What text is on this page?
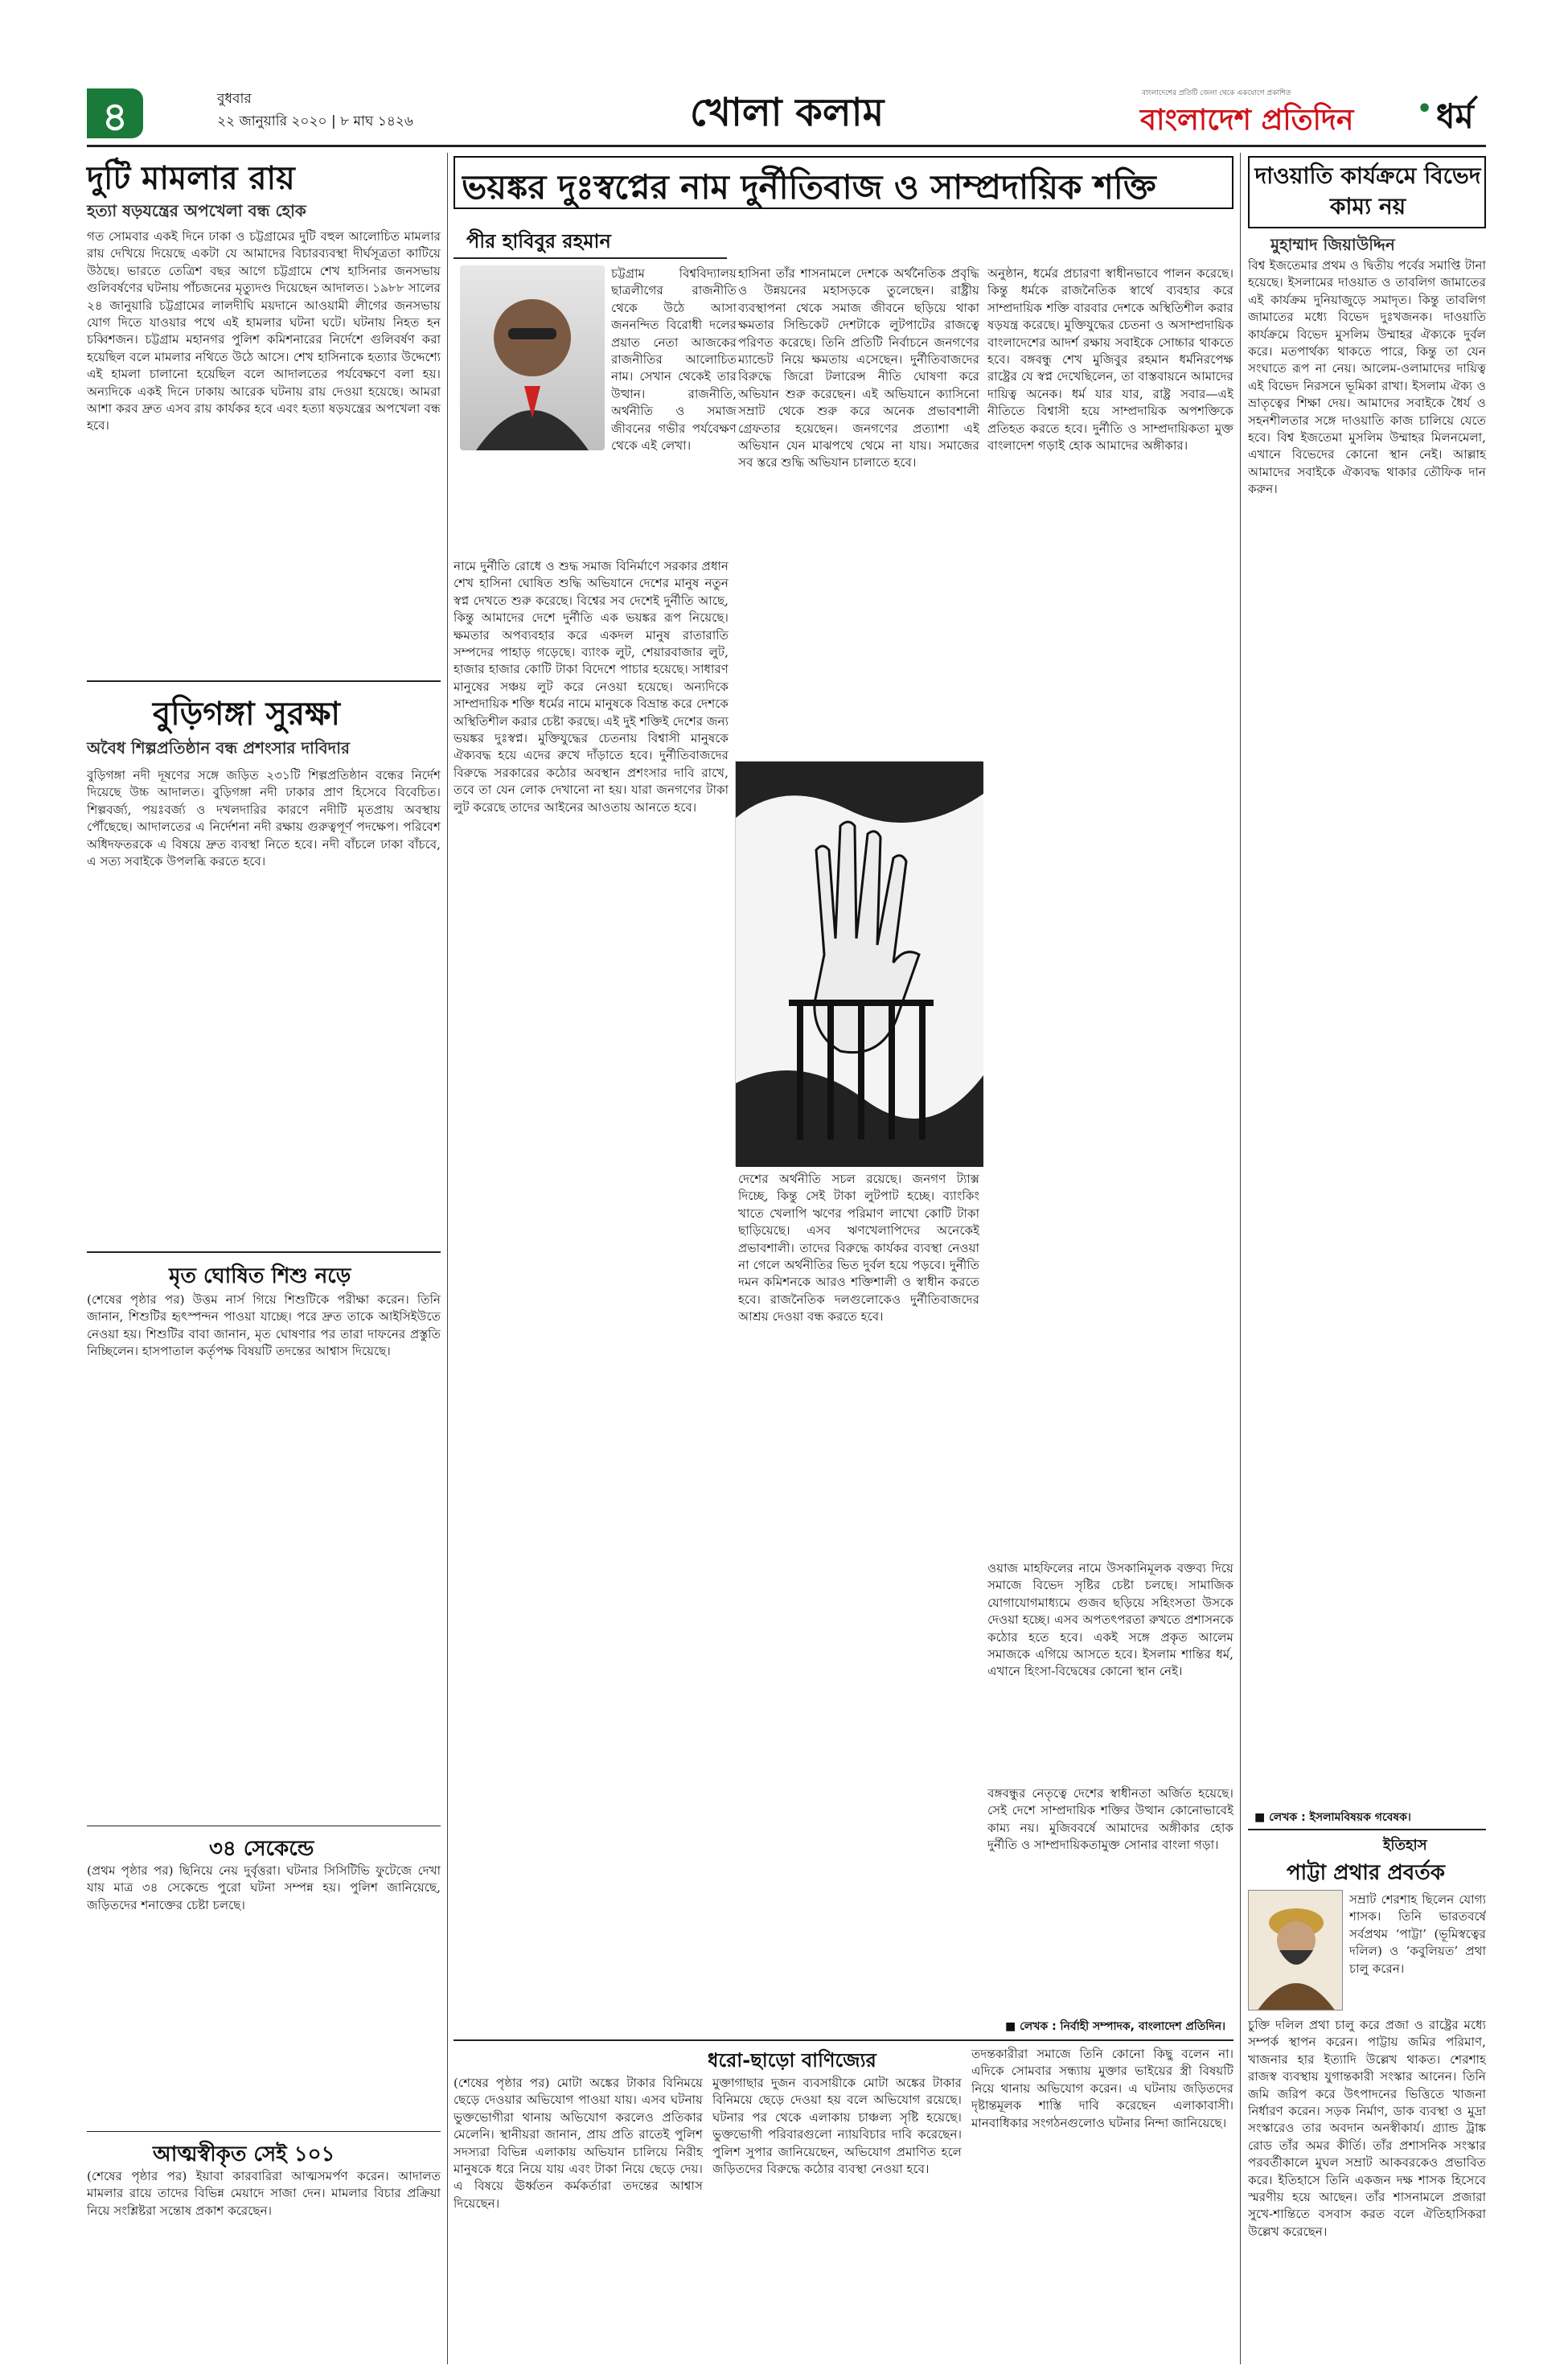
৪	বুধবার
২২ জানুয়ারি ২০২০ | ৮ মাঘ ১৪২৬	খোলা কলাম	বাংলাদেশের প্রতিটি জেলা থেকে একযোগে প্রকাশিত
বাংলাদেশ প্রতিদিন	• ধর্ম
দুটি মামলার রায়
হত্যা ষড়যন্ত্রের অপখেলা বন্ধ হোক
গত সোমবার একই দিনে ঢাকা ও চট্টগ্রামের দুটি বহুল আলোচিত মামলার রায় দেখিয়ে দিয়েছে একটা যে আমাদের বিচারব্যবস্থা দীর্ঘসূত্রতা কাটিয়ে উঠছে। ভারতে তেত্রিশ বছর আগে চট্টগ্রামে শেখ হাসিনার জনসভায় গুলিবর্ষণের ঘটনায় পাঁচজনের মৃত্যুদণ্ড দিয়েছেন আদালত। ১৯৮৮ সালের ২৪ জানুয়ারি চট্টগ্রামের লালদীঘি ময়দানে আওয়ামী লীগের জনসভায় যোগ দিতে যাওয়ার পথে এই হামলার ঘটনা ঘটে। ঘটনায় নিহত হন চব্বিশজন। চট্টগ্রাম মহানগর পুলিশ কমিশনারের নির্দেশে গুলিবর্ষণ করা হয়েছিল বলে মামলার নথিতে উঠে আসে। শেখ হাসিনাকে হত্যার উদ্দেশ্যে এই হামলা চালানো হয়েছিল বলে আদালতের পর্যবেক্ষণে বলা হয়। অন্যদিকে একই দিনে ঢাকায় আরেক ঘটনায় রায় দেওয়া হয়েছে। আমরা আশা করব দ্রুত এসব রায় কার্যকর হবে এবং হত্যা ষড়যন্ত্রের অপখেলা বন্ধ হবে।
বুড়িগঙ্গা সুরক্ষা
অবৈধ শিল্পপ্রতিষ্ঠান বন্ধ প্রশংসার দাবিদার
বুড়িগঙ্গা নদী দূষণের সঙ্গে জড়িত ২৩১টি শিল্পপ্রতিষ্ঠান বন্ধের নির্দেশ দিয়েছে উচ্চ আদালত। বুড়িগঙ্গা নদী ঢাকার প্রাণ হিসেবে বিবেচিত। শিল্পবর্জ্য, পয়ঃবর্জ্য ও দখলদারির কারণে নদীটি মৃতপ্রায় অবস্থায় পৌঁছেছে। আদালতের এ নির্দেশনা নদী রক্ষায় গুরুত্বপূর্ণ পদক্ষেপ। পরিবেশ অধিদফতরকে এ বিষয়ে দ্রুত ব্যবস্থা নিতে হবে। নদী বাঁচলে ঢাকা বাঁচবে, এ সত্য সবাইকে উপলব্ধি করতে হবে।
মৃত ঘোষিত শিশু নড়ে
(শেষের পৃষ্ঠার পর) উত্তম নার্স গিয়ে শিশুটিকে পরীক্ষা করেন। তিনি জানান, শিশুটির হৃৎস্পন্দন পাওয়া যাচ্ছে। পরে দ্রুত তাকে আইসিইউতে নেওয়া হয়। শিশুটির বাবা জানান, মৃত ঘোষণার পর তারা দাফনের প্রস্তুতি নিচ্ছিলেন। হাসপাতাল কর্তৃপক্ষ বিষয়টি তদন্তের আশ্বাস দিয়েছে।
৩৪ সেকেন্ডে
(প্রথম পৃষ্ঠার পর) ছিনিয়ে নেয় দুর্বৃত্তরা। ঘটনার সিসিটিভি ফুটেজে দেখা যায় মাত্র ৩৪ সেকেন্ডে পুরো ঘটনা সম্পন্ন হয়। পুলিশ জানিয়েছে, জড়িতদের শনাক্তের চেষ্টা চলছে।
আত্মস্বীকৃত সেই ১০১
(শেষের পৃষ্ঠার পর) ইয়াবা কারবারিরা আত্মসমর্পণ করেন। আদালত মামলার রায়ে তাদের বিভিন্ন মেয়াদে সাজা দেন। মামলার বিচার প্রক্রিয়া নিয়ে সংশ্লিষ্টরা সন্তোষ প্রকাশ করেছেন।
ভয়ঙ্কর দুঃস্বপ্নের নাম দুর্নীতিবাজ ও সাম্প্রদায়িক শক্তি
পীর হাবিবুর রহমান
চট্টগ্রাম বিশ্ববিদ্যালয় ছাত্রলীগের রাজনীতি থেকে উঠে আসা জননন্দিত বিরোধী দলের প্রয়াত নেতা আজকের রাজনীতির আলোচিত নাম। সেখান থেকেই তার উত্থান। রাজনীতি, অর্থনীতি ও সমাজ জীবনের গভীর পর্যবেক্ষণ থেকে এই লেখা।
নামে দুর্নীতি রোধে ও শুদ্ধ সমাজ বিনির্মাণে সরকার প্রধান শেখ হাসিনা ঘোষিত শুদ্ধি অভিযানে দেশের মানুষ নতুন স্বপ্ন দেখতে শুরু করেছে। বিশ্বের সব দেশেই দুর্নীতি আছে, কিন্তু আমাদের দেশে দুর্নীতি এক ভয়ঙ্কর রূপ নিয়েছে। ক্ষমতার অপব্যবহার করে একদল মানুষ রাতারাতি সম্পদের পাহাড় গড়েছে। ব্যাংক লুট, শেয়ারবাজার লুট, হাজার হাজার কোটি টাকা বিদেশে পাচার হয়েছে। সাধারণ মানুষের সঞ্চয় লুট করে নেওয়া হয়েছে। অন্যদিকে সাম্প্রদায়িক শক্তি ধর্মের নামে মানুষকে বিভ্রান্ত করে দেশকে অস্থিতিশীল করার চেষ্টা করছে। এই দুই শক্তিই দেশের জন্য ভয়ঙ্কর দুঃস্বপ্ন। মুক্তিযুদ্ধের চেতনায় বিশ্বাসী মানুষকে ঐক্যবদ্ধ হয়ে এদের রুখে দাঁড়াতে হবে। দুর্নীতিবাজদের বিরুদ্ধে সরকারের কঠোর অবস্থান প্রশংসার দাবি রাখে, তবে তা যেন লোক দেখানো না হয়। যারা জনগণের টাকা লুট করেছে তাদের আইনের আওতায় আনতে হবে।
হাসিনা তাঁর শাসনামলে দেশকে অর্থনৈতিক প্রবৃদ্ধি ও উন্নয়নের মহাসড়কে তুলেছেন। রাষ্ট্রীয় ব্যবস্থাপনা থেকে সমাজ জীবনে ছড়িয়ে থাকা ক্ষমতার সিন্ডিকেট দেশটাকে লুটপাটের রাজত্বে পরিণত করেছে। তিনি প্রতিটি নির্বাচনে জনগণের ম্যান্ডেট নিয়ে ক্ষমতায় এসেছেন। দুর্নীতিবাজদের বিরুদ্ধে জিরো টলারেন্স নীতি ঘোষণা করে অভিযান শুরু করেছেন। এই অভিযানে ক্যাসিনো সম্রাট থেকে শুরু করে অনেক প্রভাবশালী গ্রেফতার হয়েছেন। জনগণের প্রত্যাশা এই অভিযান যেন মাঝপথে থেমে না যায়। সমাজের সব স্তরে শুদ্ধি অভিযান চালাতে হবে।
অনুষ্ঠান, ধর্মের প্রচারণা স্বাধীনভাবে পালন করেছে। কিন্তু ধর্মকে রাজনৈতিক স্বার্থে ব্যবহার করে সাম্প্রদায়িক শক্তি বারবার দেশকে অস্থিতিশীল করার ষড়যন্ত্র করেছে। মুক্তিযুদ্ধের চেতনা ও অসাম্প্রদায়িক বাংলাদেশের আদর্শ রক্ষায় সবাইকে সোচ্চার থাকতে হবে। বঙ্গবন্ধু শেখ মুজিবুর রহমান ধর্মনিরপেক্ষ রাষ্ট্রের যে স্বপ্ন দেখেছিলেন, তা বাস্তবায়নে আমাদের দায়িত্ব অনেক। ধর্ম যার যার, রাষ্ট্র সবার—এই নীতিতে বিশ্বাসী হয়ে সাম্প্রদায়িক অপশক্তিকে প্রতিহত করতে হবে। দুর্নীতি ও সাম্প্রদায়িকতা মুক্ত বাংলাদেশ গড়াই হোক আমাদের অঙ্গীকার।
দেশের অর্থনীতি সচল রয়েছে। জনগণ ট্যাক্স দিচ্ছে, কিন্তু সেই টাকা লুটপাট হচ্ছে। ব্যাংকিং খাতে খেলাপি ঋণের পরিমাণ লাখো কোটি টাকা ছাড়িয়েছে। এসব ঋণখেলাপিদের অনেকেই প্রভাবশালী। তাদের বিরুদ্ধে কার্যকর ব্যবস্থা নেওয়া না গেলে অর্থনীতির ভিত দুর্বল হয়ে পড়বে। দুর্নীতি দমন কমিশনকে আরও শক্তিশালী ও স্বাধীন করতে হবে। রাজনৈতিক দলগুলোকেও দুর্নীতিবাজদের আশ্রয় দেওয়া বন্ধ করতে হবে।
ওয়াজ মাহফিলের নামে উসকানিমূলক বক্তব্য দিয়ে সমাজে বিভেদ সৃষ্টির চেষ্টা চলছে। সামাজিক যোগাযোগমাধ্যমে গুজব ছড়িয়ে সহিংসতা উসকে দেওয়া হচ্ছে। এসব অপতৎপরতা রুখতে প্রশাসনকে কঠোর হতে হবে। একই সঙ্গে প্রকৃত আলেম সমাজকে এগিয়ে আসতে হবে। ইসলাম শান্তির ধর্ম, এখানে হিংসা-বিদ্বেষের কোনো স্থান নেই।
বঙ্গবন্ধুর নেতৃত্বে দেশের স্বাধীনতা অর্জিত হয়েছে। সেই দেশে সাম্প্রদায়িক শক্তির উত্থান কোনোভাবেই কাম্য নয়। মুজিববর্ষে আমাদের অঙ্গীকার হোক দুর্নীতি ও সাম্প্রদায়িকতামুক্ত সোনার বাংলা গড়া।
■ লেখক : নির্বাহী সম্পাদক, বাংলাদেশ প্রতিদিন।
ধরো-ছাড়ো বাণিজ্যের
(শেষের পৃষ্ঠার পর) মোটা অঙ্কের টাকার বিনিময়ে ছেড়ে দেওয়ার অভিযোগ পাওয়া যায়। এসব ঘটনায় ভুক্তভোগীরা থানায় অভিযোগ করলেও প্রতিকার মেলেনি। স্থানীয়রা জানান, প্রায় প্রতি রাতেই পুলিশ সদস্যরা বিভিন্ন এলাকায় অভিযান চালিয়ে নিরীহ মানুষকে ধরে নিয়ে যায় এবং টাকা নিয়ে ছেড়ে দেয়। এ বিষয়ে ঊর্ধ্বতন কর্মকর্তারা তদন্তের আশ্বাস দিয়েছেন।
মুক্তাগাছার দুজন ব্যবসায়ীকে মোটা অঙ্কের টাকার বিনিময়ে ছেড়ে দেওয়া হয় বলে অভিযোগ রয়েছে। ঘটনার পর থেকে এলাকায় চাঞ্চল্য সৃষ্টি হয়েছে। ভুক্তভোগী পরিবারগুলো ন্যায়বিচার দাবি করেছেন। পুলিশ সুপার জানিয়েছেন, অভিযোগ প্রমাণিত হলে জড়িতদের বিরুদ্ধে কঠোর ব্যবস্থা নেওয়া হবে।
তদন্তকারীরা সমাজে তিনি কোনো কিছু বলেন না। এদিকে সোমবার সন্ধ্যায় মুক্তার ভাইয়ের স্ত্রী বিষয়টি নিয়ে থানায় অভিযোগ করেন। এ ঘটনায় জড়িতদের দৃষ্টান্তমূলক শাস্তি দাবি করেছেন এলাকাবাসী। মানবাধিকার সংগঠনগুলোও ঘটনার নিন্দা জানিয়েছে।
দাওয়াতি কার্যক্রমে বিভেদ কাম্য নয়
মুহাম্মাদ জিয়াউদ্দিন
বিশ্ব ইজতেমার প্রথম ও দ্বিতীয় পর্বের সমাপ্তি টানা হয়েছে। ইসলামের দাওয়াত ও তাবলিগ জামাতের এই কার্যক্রম দুনিয়াজুড়ে সমাদৃত। কিন্তু তাবলিগ জামাতের মধ্যে বিভেদ দুঃখজনক। দাওয়াতি কার্যক্রমে বিভেদ মুসলিম উম্মাহর ঐক্যকে দুর্বল করে। মতপার্থক্য থাকতে পারে, কিন্তু তা যেন সংঘাতে রূপ না নেয়। আলেম-ওলামাদের দায়িত্ব এই বিভেদ নিরসনে ভূমিকা রাখা। ইসলাম ঐক্য ও ভ্রাতৃত্বের শিক্ষা দেয়। আমাদের সবাইকে ধৈর্য ও সহনশীলতার সঙ্গে দাওয়াতি কাজ চালিয়ে যেতে হবে। বিশ্ব ইজতেমা মুসলিম উম্মাহর মিলনমেলা, এখানে বিভেদের কোনো স্থান নেই। আল্লাহ আমাদের সবাইকে ঐক্যবদ্ধ থাকার তৌফিক দান করুন।
■ লেখক : ইসলামবিষয়ক গবেষক।
ইতিহাস
পাট্টা প্রথার প্রবর্তক
সম্রাট শেরশাহ ছিলেন যোগ্য শাসক। তিনি ভারতবর্ষে সর্বপ্রথম ‘পাট্টা’ (ভূমিস্বত্বের দলিল) ও ‘কবুলিয়ত’ প্রথা চালু করেন।
চুক্তি দলিল প্রথা চালু করে প্রজা ও রাষ্ট্রের মধ্যে সম্পর্ক স্থাপন করেন। পাট্টায় জমির পরিমাণ, খাজনার হার ইত্যাদি উল্লেখ থাকত। শেরশাহ রাজস্ব ব্যবস্থায় যুগান্তকারী সংস্কার আনেন। তিনি জমি জরিপ করে উৎপাদনের ভিত্তিতে খাজনা নির্ধারণ করেন। সড়ক নির্মাণ, ডাক ব্যবস্থা ও মুদ্রা সংস্কারেও তার অবদান অনস্বীকার্য। গ্র্যান্ড ট্রাঙ্ক রোড তাঁর অমর কীর্তি। তাঁর প্রশাসনিক সংস্কার পরবর্তীকালে মুঘল সম্রাট আকবরকেও প্রভাবিত করে। ইতিহাসে তিনি একজন দক্ষ শাসক হিসেবে স্মরণীয় হয়ে আছেন। তাঁর শাসনামলে প্রজারা সুখে-শান্তিতে বসবাস করত বলে ঐতিহাসিকরা উল্লেখ করেছেন।
